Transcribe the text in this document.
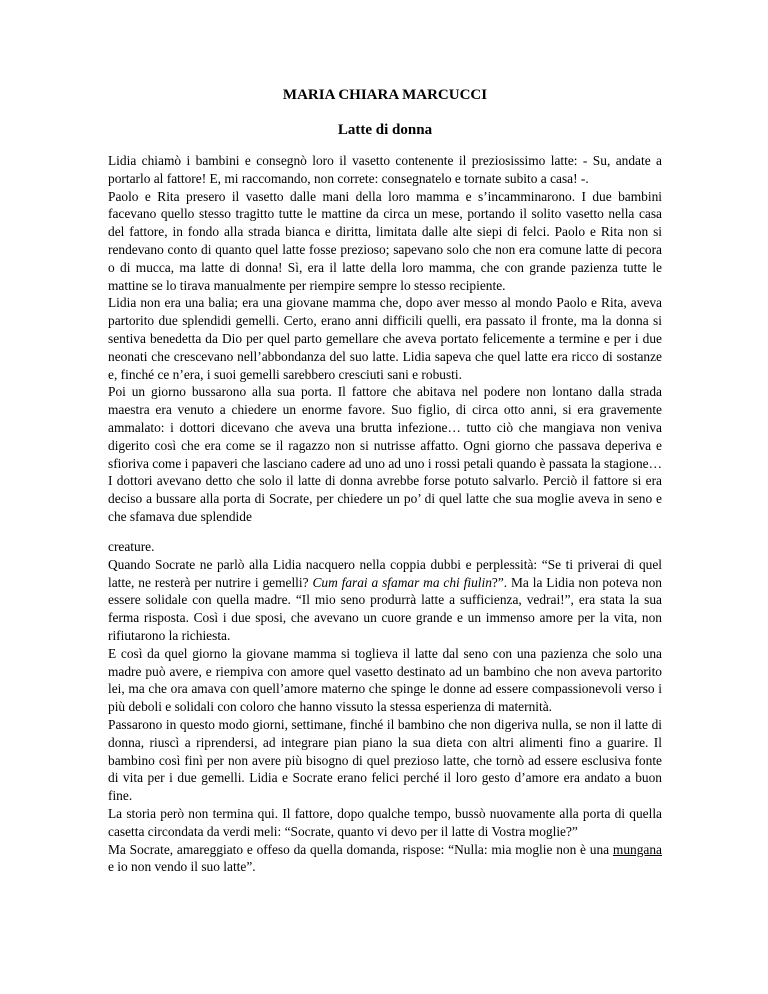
MARIA CHIARA MARCUCCI
Latte di donna

Lidia chiamò i bambini e consegnò loro il vasetto contenente il preziosissimo latte: - Su, andate a portarlo al fattore! E, mi raccomando, non correte: consegnatelo e tornate subito a casa! -.

Paolo e Rita presero il vasetto dalle mani della loro mamma e s’incamminarono. I due bambini facevano quello stesso tragitto tutte le mattine da circa un mese, portando il solito vasetto nella casa del fattore, in fondo alla strada bianca e diritta, limitata dalle alte siepi di felci. Paolo e Rita non si rendevano conto di quanto quel latte fosse prezioso; sapevano solo che non era comune latte di pecora o di mucca, ma latte di donna! Sì, era il latte della loro mamma, che con grande pazienza tutte le mattine se lo tirava manualmente per riempire sempre lo stesso recipiente.

Lidia non era una balia; era una giovane mamma che, dopo aver messo al mondo Paolo e Rita, aveva partorito due splendidi gemelli. Certo, erano anni difficili quelli, era passato il fronte, ma la donna si sentiva benedetta da Dio per quel parto gemellare che aveva portato felicemente a termine e per i due neonati che crescevano nell’abbondanza del suo latte. Lidia sapeva che quel latte era ricco di sostanze e, finché ce n’era, i suoi gemelli sarebbero cresciuti sani e robusti.

Poi un giorno bussarono alla sua porta. Il fattore che abitava nel podere non lontano dalla strada maestra era venuto a chiedere un enorme favore. Suo figlio, di circa otto anni, si era gravemente ammalato: i dottori dicevano che aveva una brutta infezione… tutto ciò che mangiava non veniva digerito così che era come se il ragazzo non si nutrisse affatto. Ogni giorno che passava deperiva e sfioriva come i papaveri che lasciano cadere ad uno ad uno i rossi petali quando è passata la stagione… I dottori avevano detto che solo il latte di donna avrebbe forse potuto salvarlo. Perciò il fattore si era deciso a bussare alla porta di Socrate, per chiedere un po’ di quel latte che sua moglie aveva in seno e che sfamava due splendide

creature.

Quando Socrate ne parlò alla Lidia nacquero nella coppia dubbi e perplessità: “Se ti priverai di quel latte, ne resterà per nutrire i gemelli? Cum farai a sfamar ma chi fiulin?”. Ma la Lidia non poteva non essere solidale con quella madre. “Il mio seno produrrà latte a sufficienza, vedrai!”, era stata la sua ferma risposta. Così i due sposi, che avevano un cuore grande e un immenso amore per la vita, non rifiutarono la richiesta.

E così da quel giorno la giovane mamma si toglieva il latte dal seno con una pazienza che solo una madre può avere, e riempiva con amore quel vasetto destinato ad un bambino che non aveva partorito lei, ma che ora amava con quell’amore materno che spinge le donne ad essere compassionevoli verso i più deboli e solidali con coloro che hanno vissuto la stessa esperienza di maternità.

Passarono in questo modo giorni, settimane, finché il bambino che non digeriva nulla, se non il latte di donna, riuscì a riprendersi, ad integrare pian piano la sua dieta con altri alimenti fino a guarire. Il bambino così finì per non avere più bisogno di quel prezioso latte, che tornò ad essere esclusiva fonte di vita per i due gemelli. Lidia e Socrate erano felici perché il loro gesto d’amore era andato a buon fine.

La storia però non termina qui. Il fattore, dopo qualche tempo, bussò nuovamente alla porta di quella casetta circondata da verdi meli: “Socrate, quanto vi devo per il latte di Vostra moglie?”

Ma Socrate, amareggiato e offeso da quella domanda, rispose: “Nulla: mia moglie non è una mungana e io non vendo il suo latte”.
